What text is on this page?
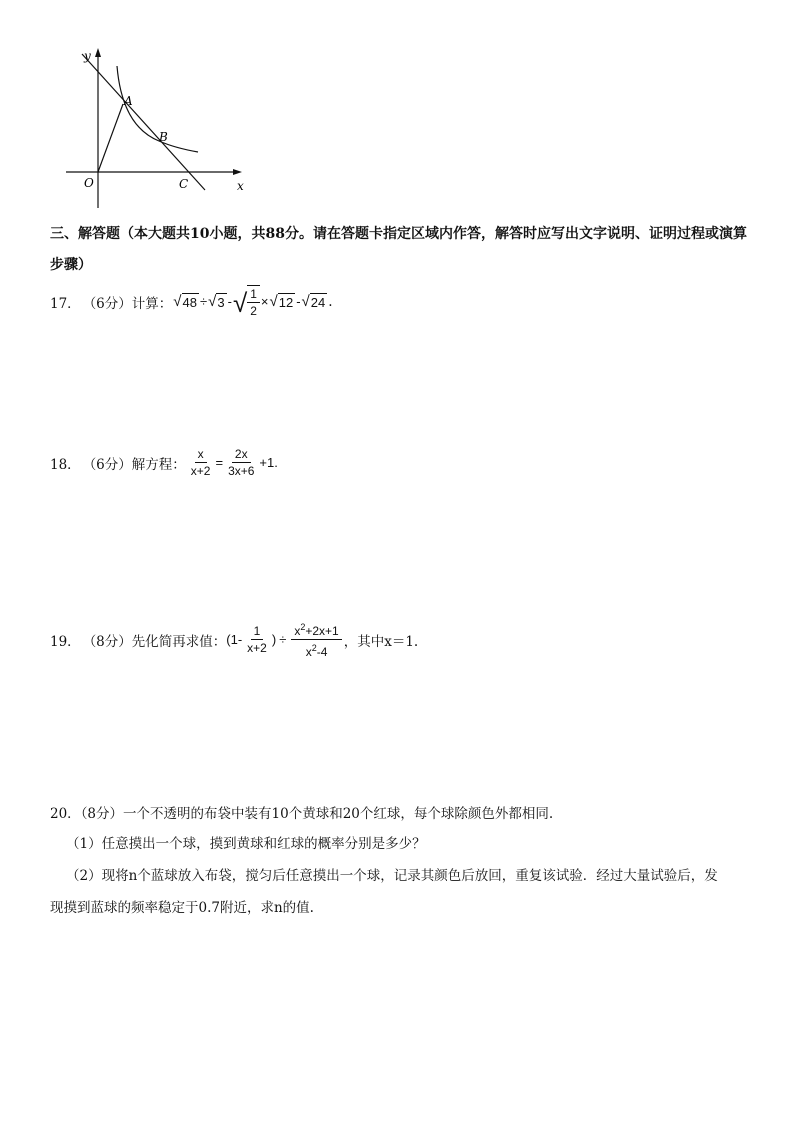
y
x
O
A
B
C
三、解答题（本大题共10小题，共88分。请在答题卡指定区域内作答，解答时应写出文字说明、证明过程或演算步骤）
17． （6分） 计算： √ 48 ÷ √ 3 - √ $\frac{1}{2}$ × √ 12 - √ 24 .
18． （6分） 解方程： $\frac{x}{x+2} = \frac{2x}{3x+6} +1$.
19． （8分） 先化简再求值： ($1- \frac{1}{x+2}$ ) ÷ $\frac{x^2+2x+1}{x^2-4}$ ，其中x＝1.
20．（8分）一个不透明的布袋中装有10个黄球和20个红球，每个球除颜色外都相同.
（1）任意摸出一个球，摸到黄球和红球的概率分别是多少？
（2）现将n个蓝球放入布袋，搅匀后任意摸出一个球，记录其颜色后放回，重复该试验．经过大量试验后，发
现摸到蓝球的频率稳定于0.7附近，求n的值.
